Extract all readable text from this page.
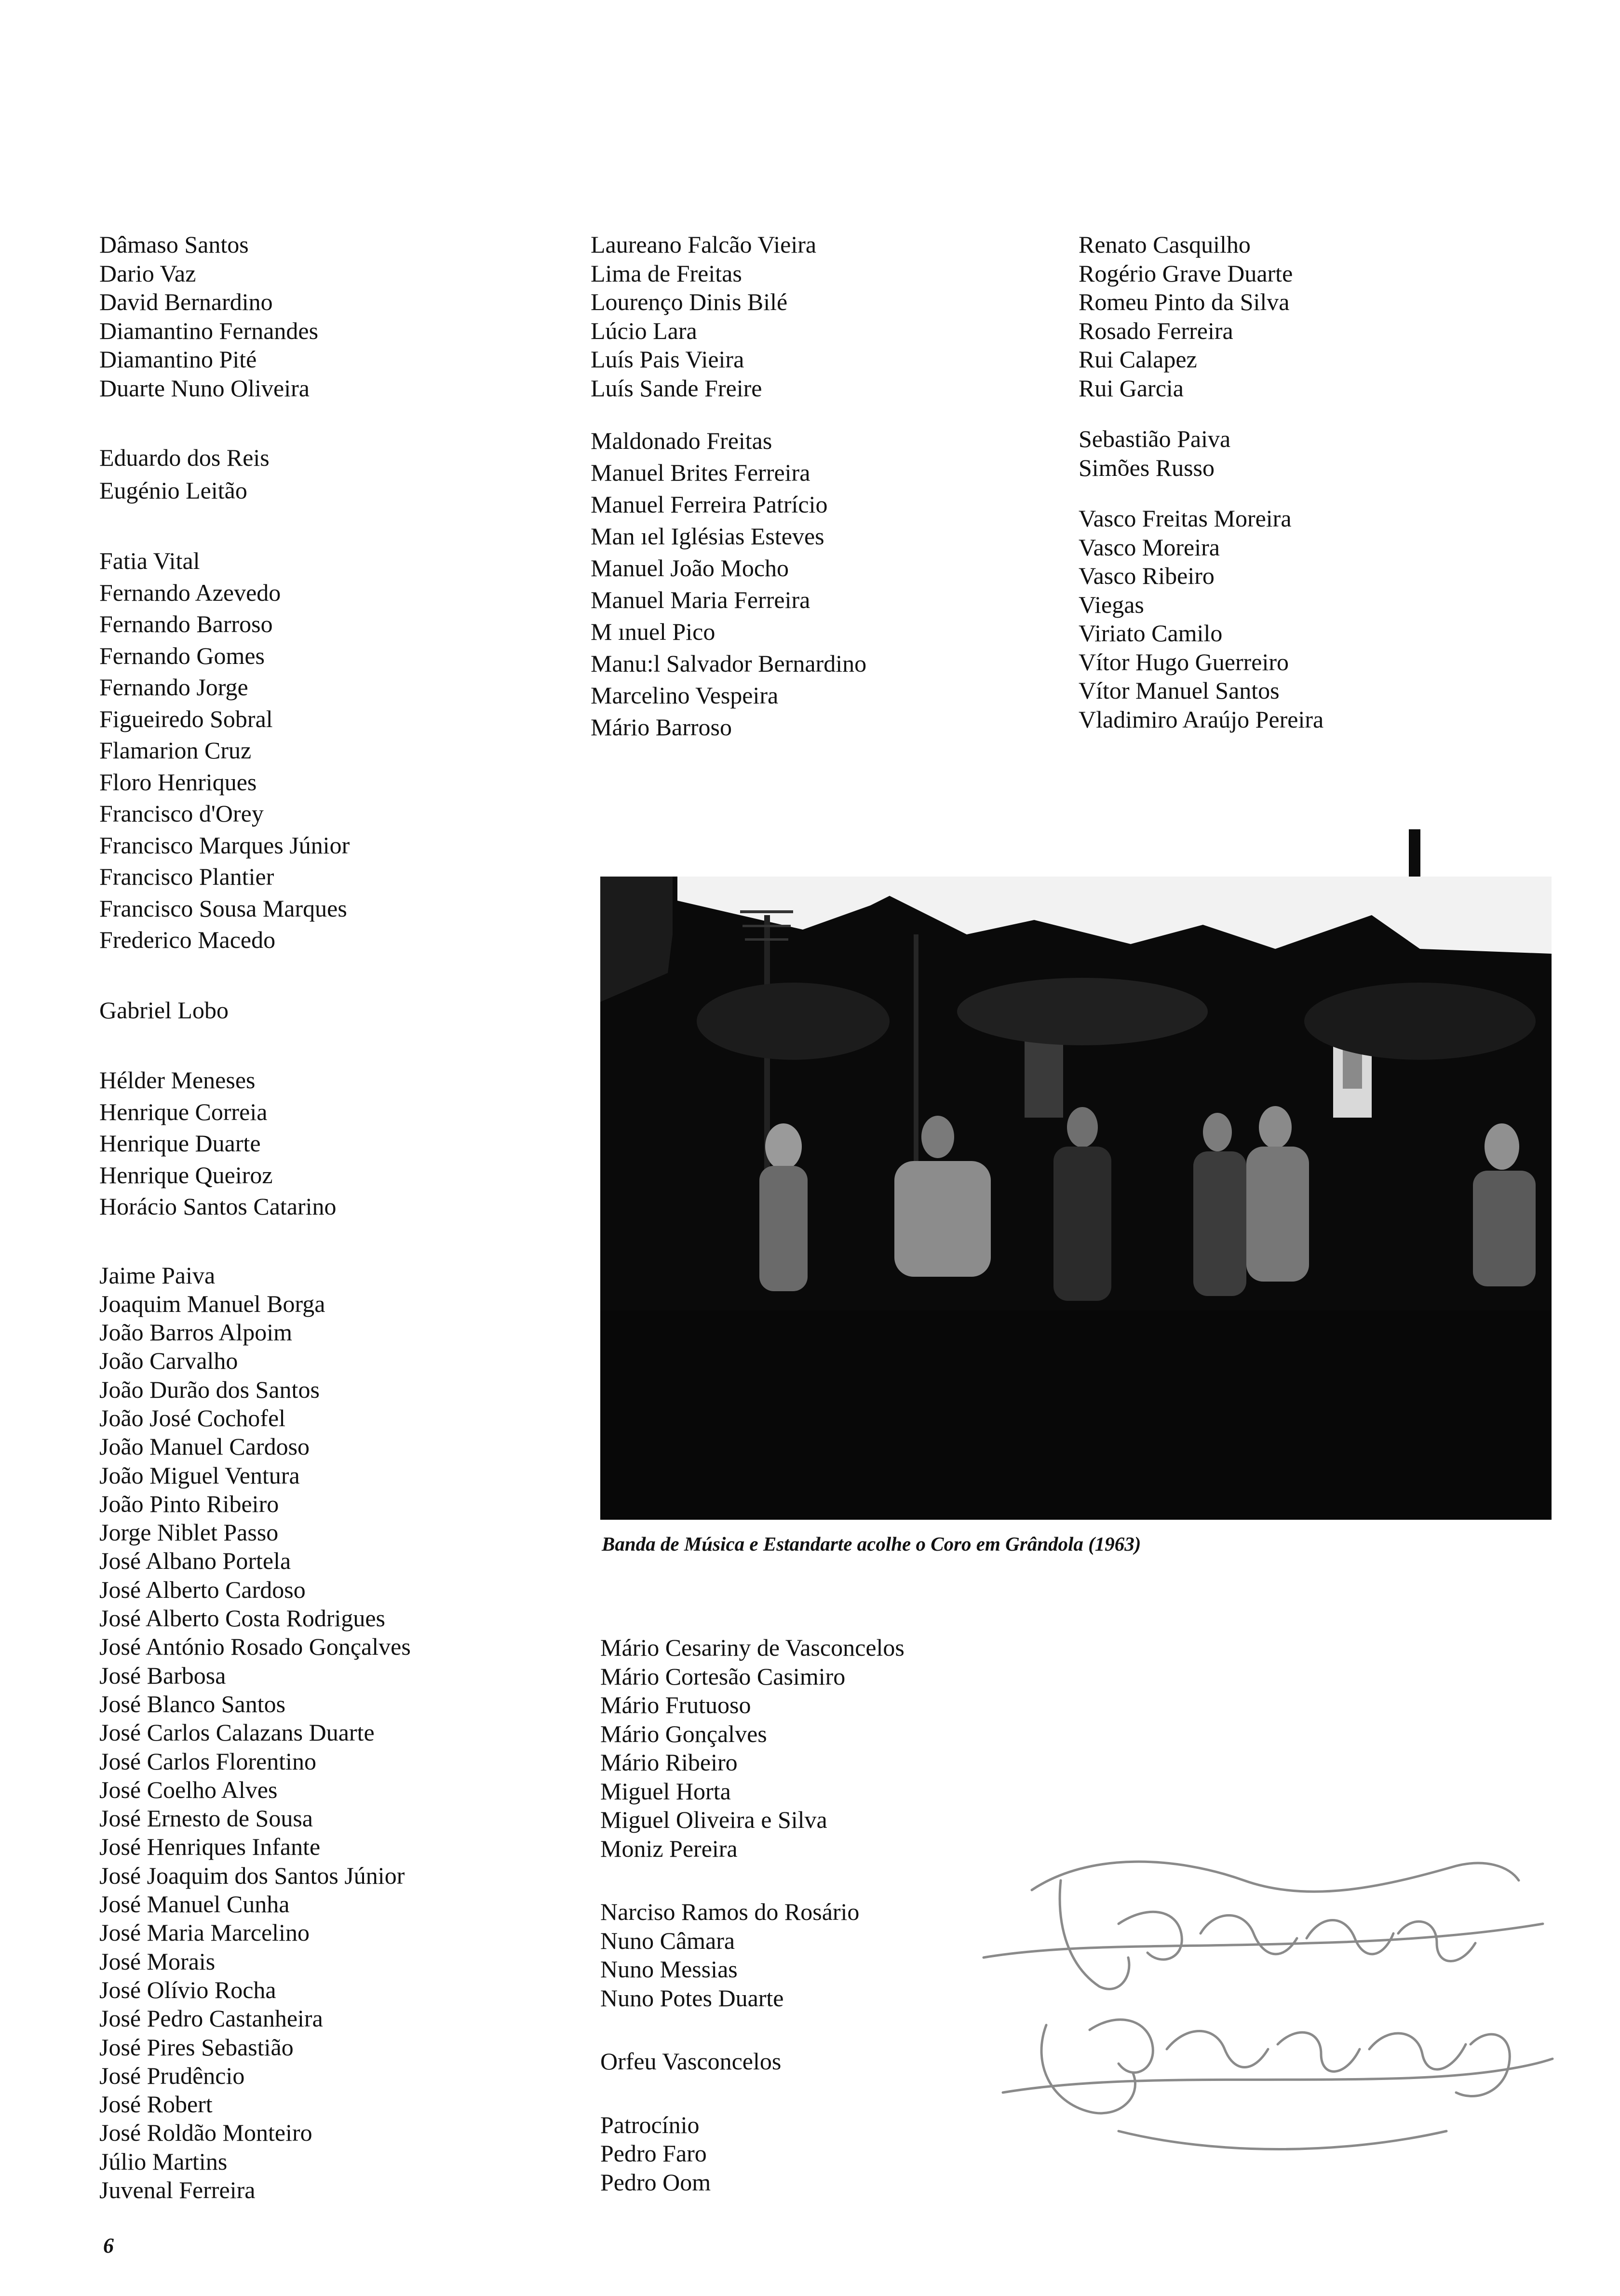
Dâmaso Santos
Dario Vaz
David Bernardino
Diamantino Fernandes
Diamantino Pité
Duarte Nuno Oliveira
Eduardo dos Reis
Eugénio Leitão
Fatia Vital
Fernando Azevedo
Fernando Barroso
Fernando Gomes
Fernando Jorge
Figueiredo Sobral
Flamarion Cruz
Floro Henriques
Francisco d'Orey
Francisco Marques Júnior
Francisco Plantier
Francisco Sousa Marques
Frederico Macedo
Gabriel Lobo
Hélder Meneses
Henrique Correia
Henrique Duarte
Henrique Queiroz
Horácio Santos Catarino
Jaime Paiva
Joaquim Manuel Borga
João Barros Alpoim
João Carvalho
João Durão dos Santos
João José Cochofel
João Manuel Cardoso
João Miguel Ventura
João Pinto Ribeiro
Jorge Niblet Passo
José Albano Portela
José Alberto Cardoso
José Alberto Costa Rodrigues
José António Rosado Gonçalves
José Barbosa
José Blanco Santos
José Carlos Calazans Duarte
José Carlos Florentino
José Coelho Alves
José Ernesto de Sousa
José Henriques Infante
José Joaquim dos Santos Júnior
José Manuel Cunha
José Maria Marcelino
José Morais
José Olívio Rocha
José Pedro Castanheira
José Pires Sebastião
José Prudêncio
José Robert
José Roldão Monteiro
Júlio Martins
Juvenal Ferreira
Laureano Falcão Vieira
Lima de Freitas
Lourenço Dinis Bilé
Lúcio Lara
Luís Pais Vieira
Luís Sande Freire
Maldonado Freitas
Manuel Brites Ferreira
Manuel Ferreira Patrício
Man ıel Iglésias Esteves
Manuel João Mocho
Manuel Maria Ferreira
M ınuel Pico
Manu:l Salvador Bernardino
Marcelino Vespeira
Mário Barroso
Renato Casquilho
Rogério Grave Duarte
Romeu Pinto da Silva
Rosado Ferreira
Rui Calapez
Rui Garcia
Sebastião Paiva
Simões Russo
Vasco Freitas Moreira
Vasco Moreira
Vasco Ribeiro
Viegas
Viriato Camilo
Vítor Hugo Guerreiro
Vítor Manuel Santos
Vladimiro Araújo Pereira
Banda de Música e Estandarte acolhe o Coro em Grândola (1963)
Mário Cesariny de Vasconcelos
Mário Cortesão Casimiro
Mário Frutuoso
Mário Gonçalves
Mário Ribeiro
Miguel Horta
Miguel Oliveira e Silva
Moniz Pereira
Narciso Ramos do Rosário
Nuno Câmara
Nuno Messias
Nuno Potes Duarte
Orfeu Vasconcelos
Patrocínio
Pedro Faro
Pedro Oom
6
